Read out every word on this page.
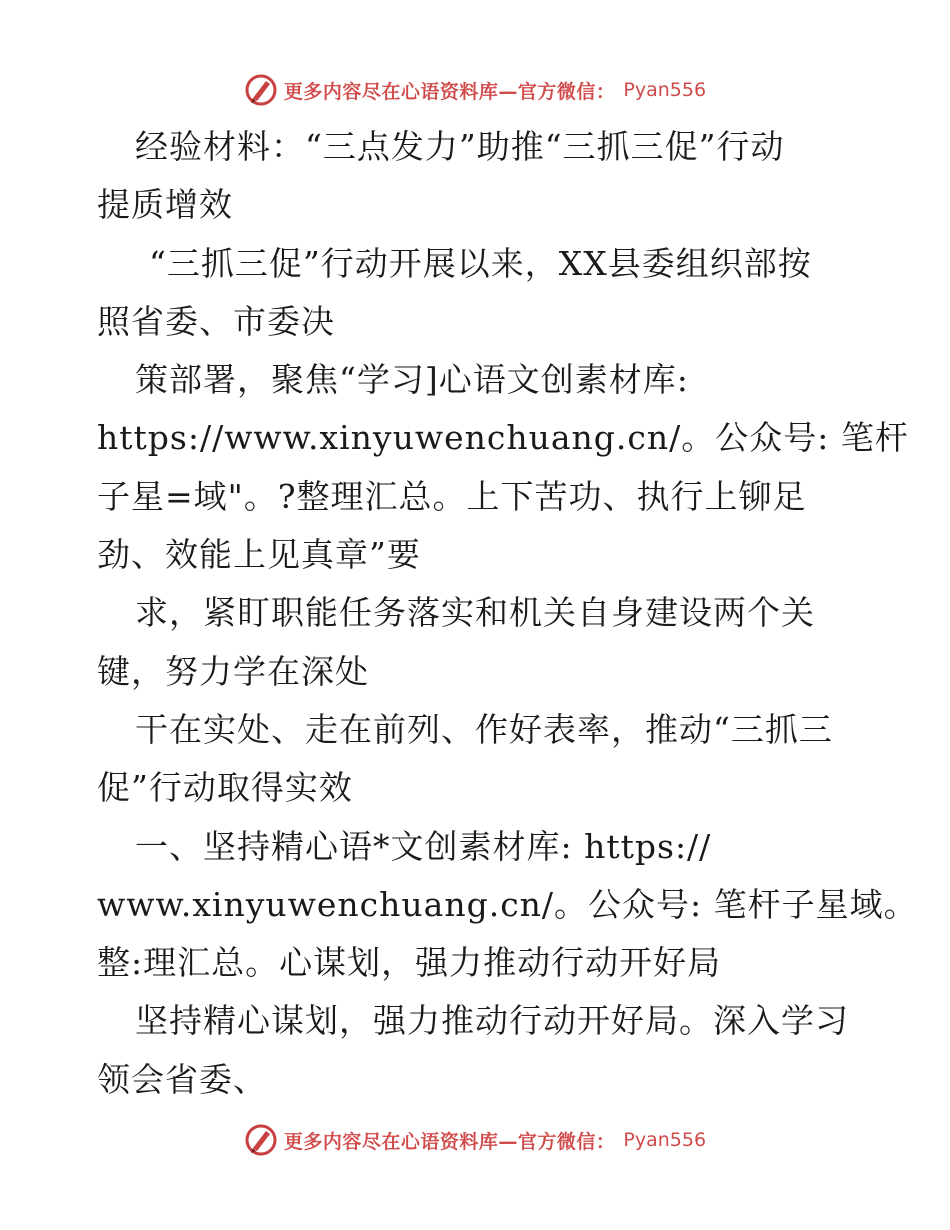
更多内容尽在心语资料库—官方微信： Pyan556
经验材料：“三点发力”助推“三抓三促”行动
提质增效
“三抓三促”行动开展以来，XX县委组织部按
照省委、市委决
策部署，聚焦“学习]心语文创素材库:
https://www.xinyuwenchuang.cn/。公众号: 笔杆
子星=域"。?整理汇总。上下苦功、执行上铆足
劲、效能上见真章”要
求，紧盯职能任务落实和机关自身建设两个关
键，努力学在深处
干在实处、走在前列、作好表率，推动“三抓三
促”行动取得实效
一、坚持精心语*文创素材库: https://
www.xinyuwenchuang.cn/。公众号: 笔杆子星域。
整:理汇总。心谋划，强力推动行动开好局
坚持精心谋划，强力推动行动开好局。深入学习
领会省委、
更多内容尽在心语资料库—官方微信： Pyan556
